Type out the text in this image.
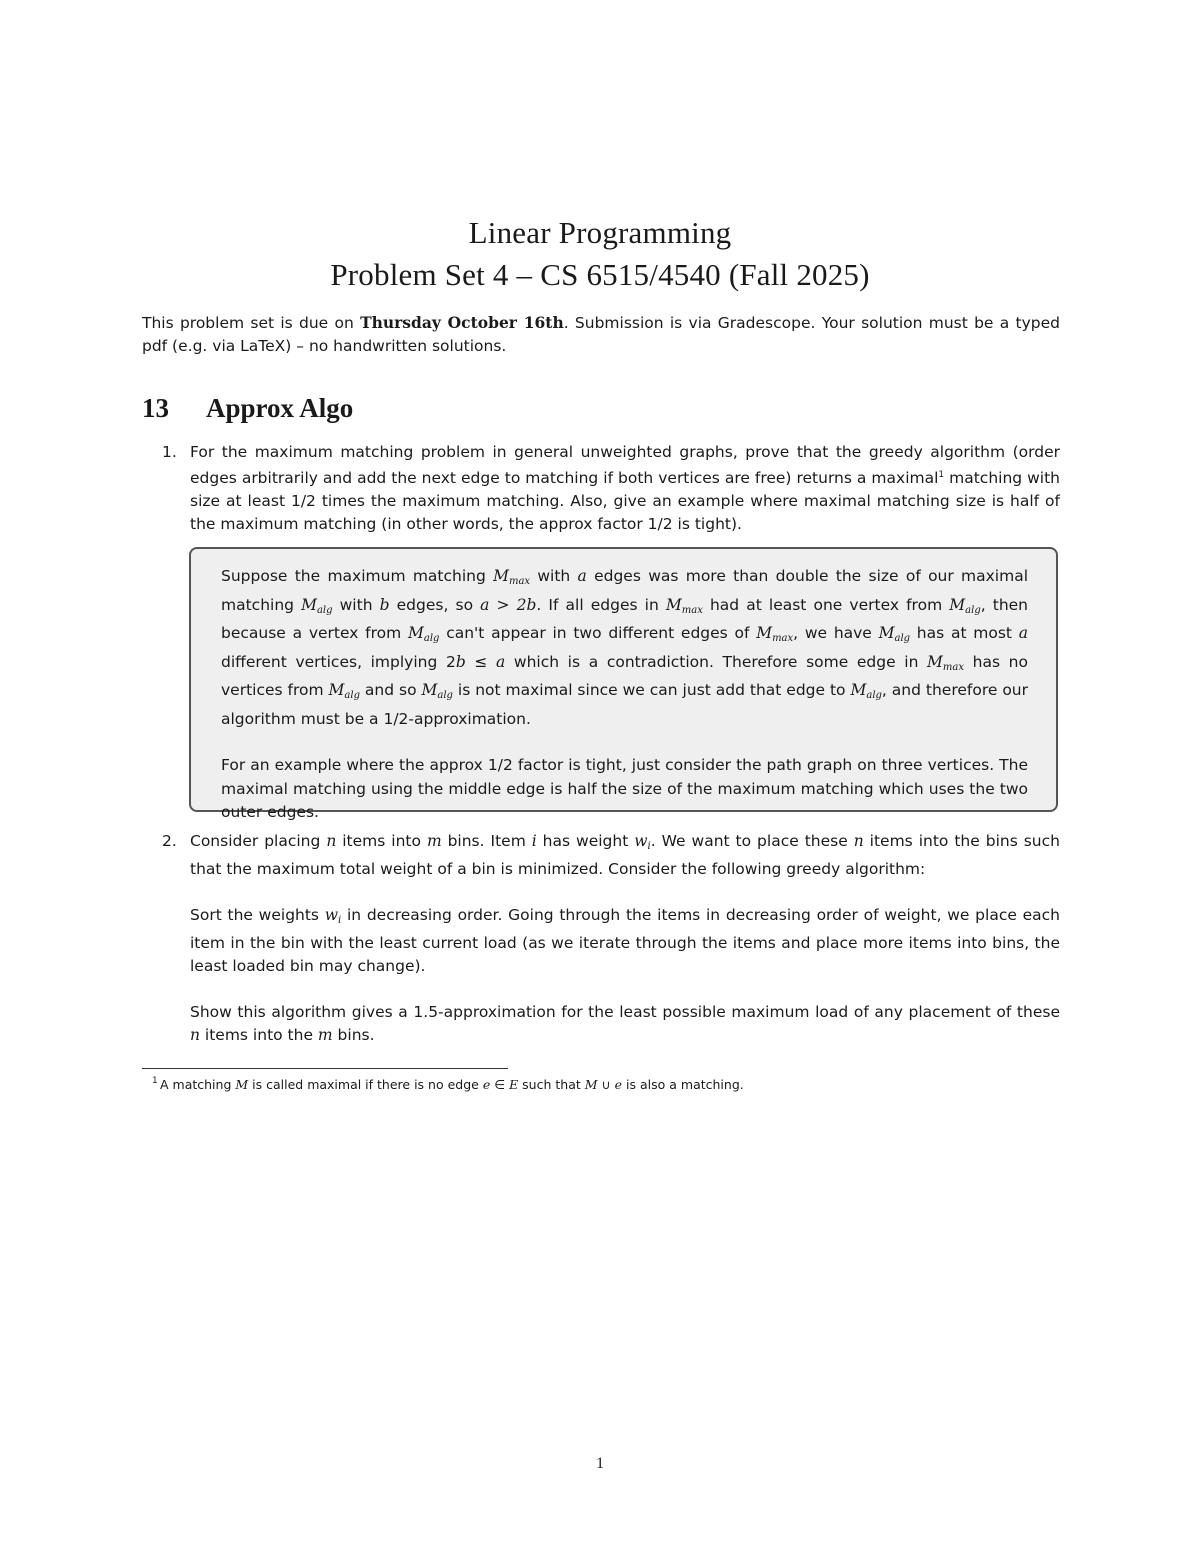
Linear Programming
Problem Set 4 – CS 6515/4540 (Fall 2025)
This problem set is due on Thursday October 16th. Submission is via Gradescope. Your solution must be a typed pdf (e.g. via LaTeX) – no handwritten solutions.
13 Approx Algo
1. For the maximum matching problem in general unweighted graphs, prove that the greedy algorithm (order edges arbitrarily and add the next edge to matching if both vertices are free) returns a maximal$^1$ matching with size at least 1/2 times the maximum matching. Also, give an example where maximal matching size is half of the maximum matching (in other words, the approx factor 1/2 is tight).
Suppose the maximum matching $M_{max}$ with a edges was more than double the size of our maximal matching $M_{alg}$ with b edges, so a > 2b. If all edges in $M_{max}$ had at least one vertex from $M_{alg}$, then because a vertex from $M_{alg}$ can't appear in two different edges of $M_{max}$, we have $M_{alg}$ has at most a different vertices, implying 2b ≤ a which is a contradiction. Therefore some edge in $M_{max}$ has no vertices from $M_{alg}$ and so $M_{alg}$ is not maximal since we can just add that edge to $M_{alg}$, and therefore our algorithm must be a 1/2-approximation.
For an example where the approx 1/2 factor is tight, just consider the path graph on three vertices. The maximal matching using the middle edge is half the size of the maximum matching which uses the two outer edges.
2. Consider placing n items into m bins. Item i has weight $w_i$. We want to place these n items into the bins such that the maximum total weight of a bin is minimized. Consider the following greedy algorithm:
Sort the weights $w_i$ in decreasing order. Going through the items in decreasing order of weight, we place each item in the bin with the least current load (as we iterate through the items and place more items into bins, the least loaded bin may change).
Show this algorithm gives a 1.5-approximation for the least possible maximum load of any placement of these n items into the m bins.
1 A matching M is called maximal if there is no edge e ∈ E such that M ∪ e is also a matching.
1
